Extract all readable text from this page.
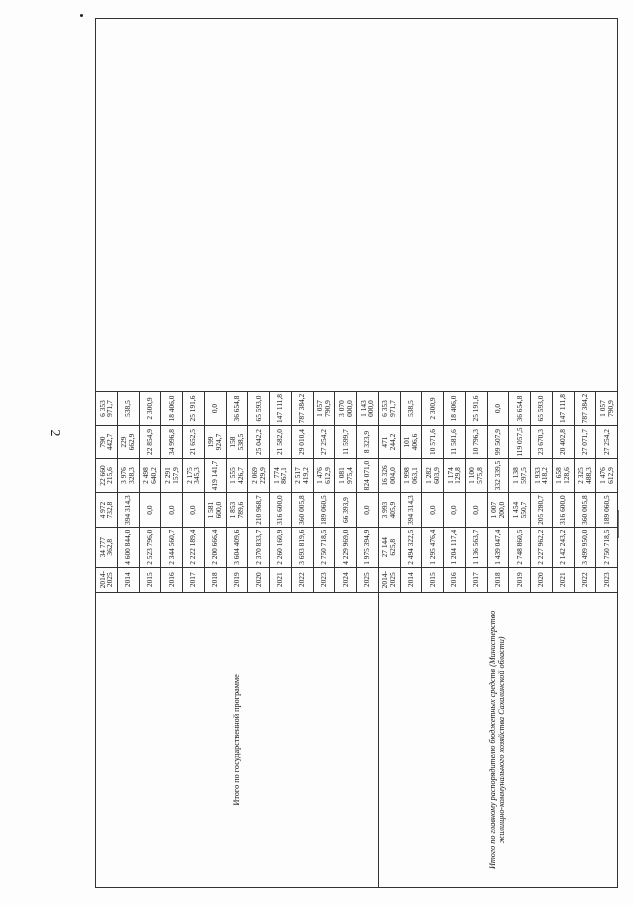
2
Итого по государственной программе	2014-2025	34 777 362,8	4 972 732,8	22 660 215,6	790 442,7	6 353 971,7	
	2014	4 600 844,0	394 314,3	3 976 328,3	229 662,9	538,5	
	2015	2 523 796,0	0,0	2 498 640,2	22 854,9	2 300,9	
	2016	2 344 560,7	0,0	2 291 157,9	34 996,8	18 406,0	
	2017	2 222 189,4	0,0	2 175 345,3	21 652,5	25 191,6	
	2018	2 200 666,4	1 581 600,0	419 141,7	199 924,7	0,0	
	2019	3 604 409,6	1 853 789,6	1 555 426,7	158 538,5	36 654,8	
	2020	2 370 833,7	210 968,7	2 069 229,9	25 042,2	65 593,0	
	2021	2 260 160,9	316 600,0	1 774 867,1	21 582,0	147 111,8	
	2022	3 693 819,6	360 005,8	2 517 419,2	29 010,4	787 384,2	
	2023	2 750 718,5	189 060,5	1 476 612,9	27 254,2	1 057 790,9	
	2024	4 229 969,0	66 393,9	1 081 975,4	11 599,7	3 070 000,0	
	2025	1 975 394,9	0,0	824 071,0	8 323,9	1 143 000,0	
Итого по главному распорядителю бюджетных средств (Министерство жилищно-коммунального хозяйства Сахалинской области)	2014-2025	27 144 625,8	3 993 405,9	16 326 004,0	471 244,2	6 353 971,7	
	2014	2 494 322,5	394 314,3	1 998 063,1	101 406,6	538,5	
	2015	1 295 476,4	0,0	1 282 603,9	10 571,6	2 300,9	
	2016	1 204 117,4	0,0	1 174 129,8	11 581,6	18 406,0	
	2017	1 136 563,7	0,0	1 100 575,8	10 796,3	25 191,6	
	2018	1 439 047,4	1 007 200,0	332 339,5	99 507,9	0,0	
	2019	2 748 860,5	1 454 550,7	1 138 597,5	119 057,5	36 654,8	
	2020	2 227 962,2	205 280,7	1 933 418,2	23 670,3	65 593,0	
	2021	2 142 243,2	316 600,0	1 658 128,6	20 402,8	147 111,8	
	2022	3 499 950,0	360 005,8	2 325 488,3	27 071,7	787 384,2	
	2023	2 750 718,5	189 060,5	1 476 612,9	27 254,2	1 057 790,9	
